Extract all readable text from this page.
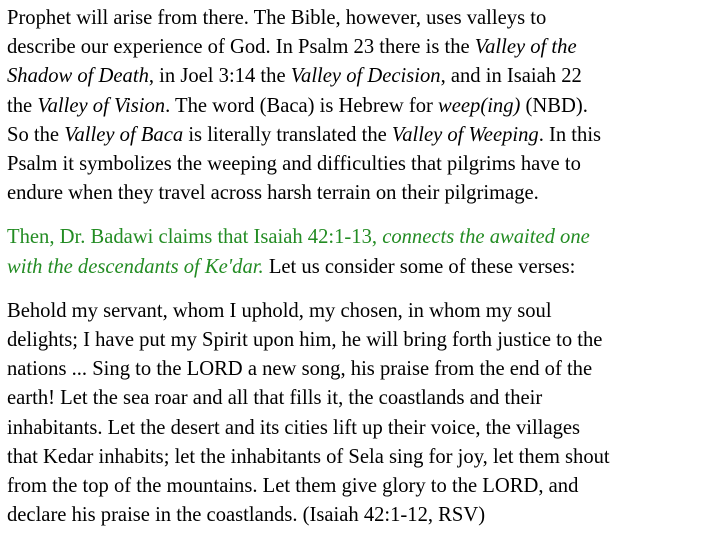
Prophet will arise from there. The Bible, however, uses valleys to
describe our experience of God. In Psalm 23 there is the Valley of the
Shadow of Death, in Joel 3:14 the Valley of Decision, and in Isaiah 22
the Valley of Vision. The word (Baca) is Hebrew for weep(ing) (NBD).
So the Valley of Baca is literally translated the Valley of Weeping. In this
Psalm it symbolizes the weeping and difficulties that pilgrims have to
endure when they travel across harsh terrain on their pilgrimage.

Then, Dr. Badawi claims that Isaiah 42:1-13, connects the awaited one
with the descendants of Ke'dar. Let us consider some of these verses:

Behold my servant, whom I uphold, my chosen, in whom my soul
delights; I have put my Spirit upon him, he will bring forth justice to the
nations ... Sing to the LORD a new song, his praise from the end of the
earth! Let the sea roar and all that fills it, the coastlands and their
inhabitants. Let the desert and its cities lift up their voice, the villages
that Kedar inhabits; let the inhabitants of Sela sing for joy, let them shout
from the top of the mountains. Let them give glory to the LORD, and
declare his praise in the coastlands. (Isaiah 42:1-12, RSV)
